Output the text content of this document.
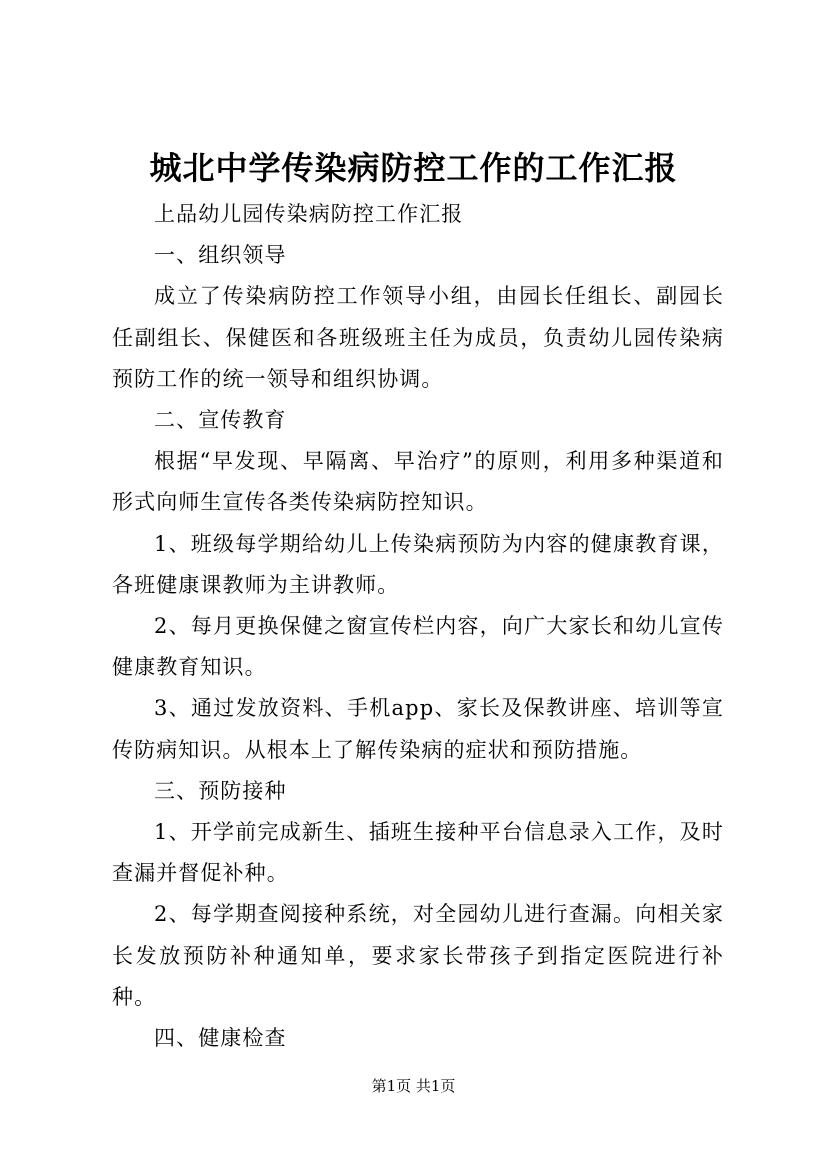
城北中学传染病防控工作的工作汇报

上品幼儿园传染病防控工作汇报

一、组织领导

成立了传染病防控工作领导小组，由园长任组长、副园长任副组长、保健医和各班级班主任为成员，负责幼儿园传染病预防工作的统一领导和组织协调。

二、宣传教育

根据“早发现、早隔离、早治疗”的原则，利用多种渠道和形式向师生宣传各类传染病防控知识。

1、班级每学期给幼儿上传染病预防为内容的健康教育课，各班健康课教师为主讲教师。

2、每月更换保健之窗宣传栏内容，向广大家长和幼儿宣传健康教育知识。

3、通过发放资料、手机app、家长及保教讲座、培训等宣传防病知识。从根本上了解传染病的症状和预防措施。

三、预防接种

1、开学前完成新生、插班生接种平台信息录入工作，及时查漏并督促补种。

2、每学期查阅接种系统，对全园幼儿进行查漏。向相关家长发放预防补种通知单，要求家长带孩子到指定医院进行补种。

四、健康检查

第1页 共1页
